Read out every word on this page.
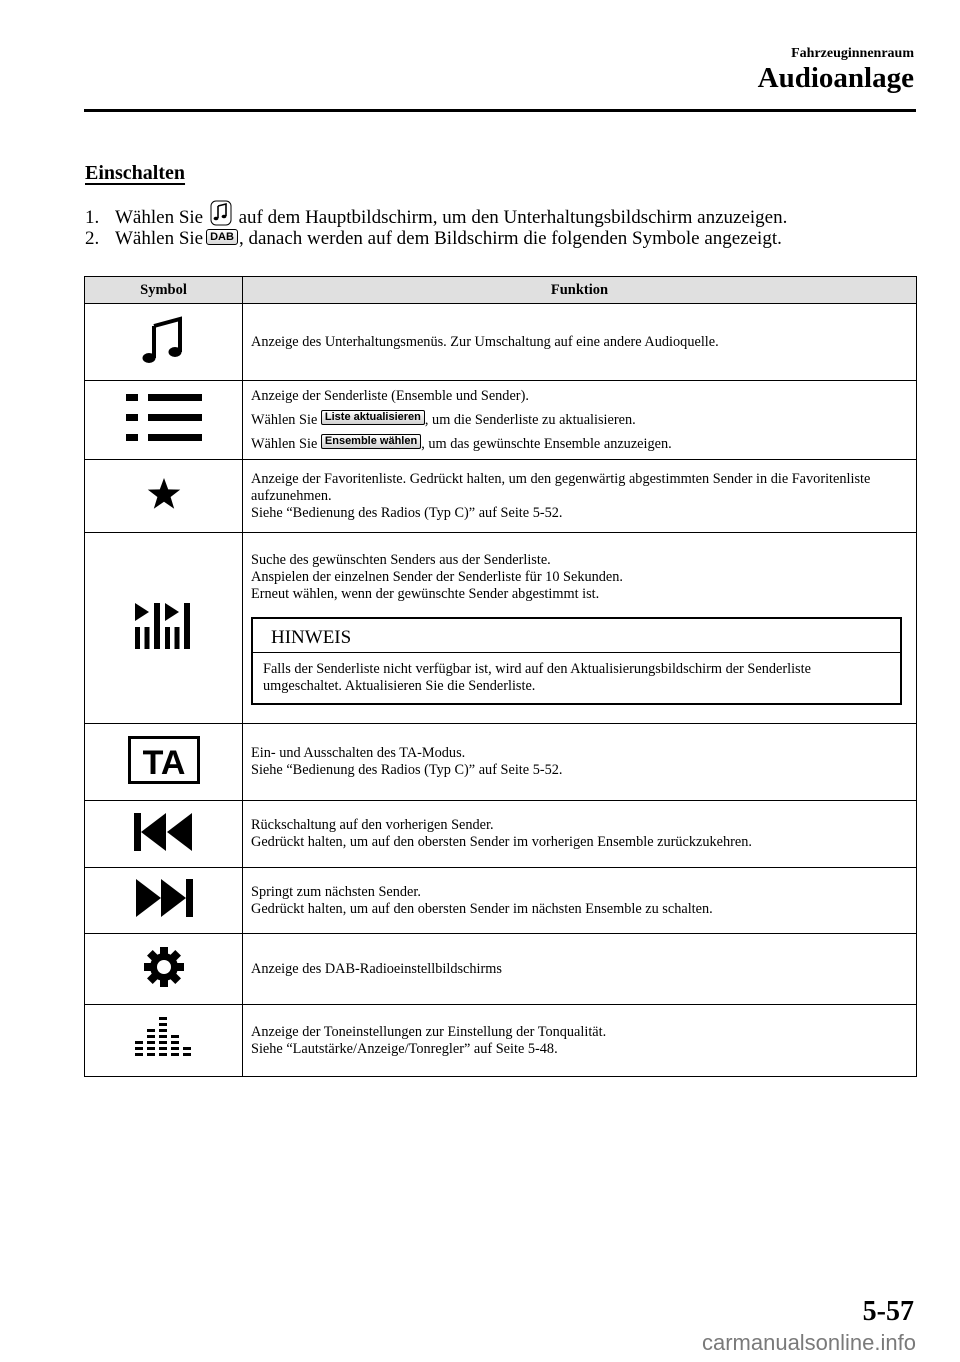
Fahrzeuginnenraum
Audioanlage
Einschalten
1. Wählen Sie auf dem Hauptbildschirm, um den Unterhaltungsbildschirm anzuzeigen.
2. Wählen Sie DAB , danach werden auf dem Bildschirm die folgenden Symbole angezeigt.
Symbol	Funktion

Anzeige des Unterhaltungsmenüs. Zur Umschaltung auf eine andere Audioquelle.

Anzeige der Senderliste (Ensemble und Sender).
Wählen Sie Liste aktualisieren , um die Senderliste zu aktualisieren.
Wählen Sie Ensemble wählen , um das gewünschte Ensemble anzuzeigen.

Anzeige der Favoritenliste. Gedrückt halten, um den gegenwärtig abgestimmten Sender in die Favoritenliste aufzunehmen.
Siehe “Bedienung des Radios (Typ C)” auf Seite 5-52.

Suche des gewünschten Senders aus der Senderliste.
Anspielen der einzelnen Sender der Senderliste für 10 Sekunden.
Erneut wählen, wenn der gewünschte Sender abgestimmt ist.
HINWEIS
Falls der Senderliste nicht verfügbar ist, wird auf den Aktualisierungsbildschirm der Senderliste umgeschaltet. Aktualisieren Sie die Senderliste.

TA	Ein- und Ausschalten des TA-Modus.
Siehe “Bedienung des Radios (Typ C)” auf Seite 5-52.

Rückschaltung auf den vorherigen Sender.
Gedrückt halten, um auf den obersten Sender im vorherigen Ensemble zurückzukehren.

Springt zum nächsten Sender.
Gedrückt halten, um auf den obersten Sender im nächsten Ensemble zu schalten.

Anzeige des DAB-Radioeinstellbildschirms

Anzeige der Toneinstellungen zur Einstellung der Tonqualität.
Siehe “Lautstärke/Anzeige/Tonregler” auf Seite 5-48.
5-57
carmanualsonline.info
